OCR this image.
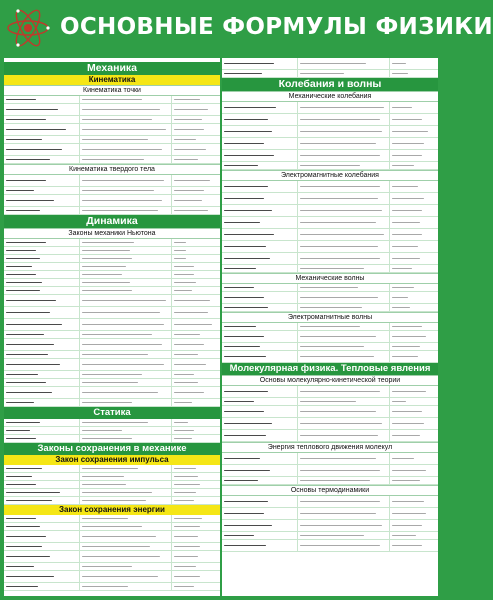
ОСНОВНЫЕ ФОРМУЛЫ ФИЗИКИ
Механика
Кинематика
Кинематика точки
Кинематика твердого тела
Динамика
Законы механики Ньютона
Статика
Законы сохранения в механике
Закон сохранения импульса
Закон сохранения энергии
Колебания и волны
Механические колебания
Электромагнитные колебания
Механические волны
Электромагнитные волны
Молекулярная физика. Тепловые явления
Основы молекулярно-кинетической теории
Энергия теплового движения молекул
Основы термодинамики
